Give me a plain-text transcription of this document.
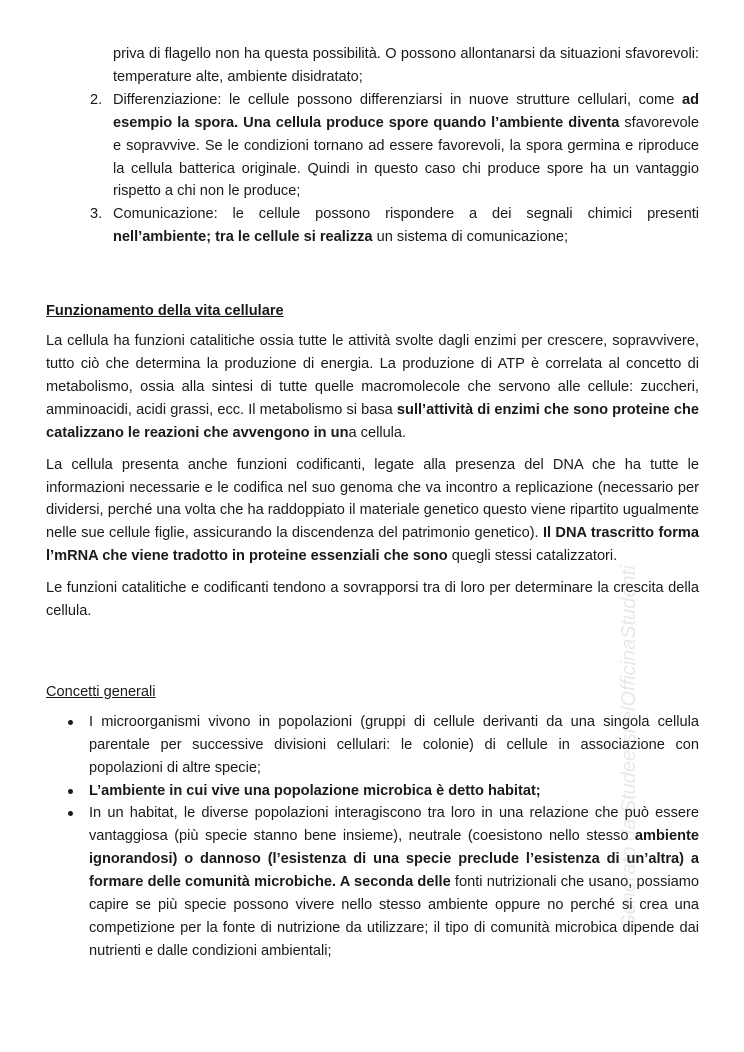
priva di flagello non ha questa possibilità. O possono allontanarsi da situazioni sfavorevoli: temperature alte, ambiente disidratato;

2. Differenziazione: le cellule possono differenziarsi in nuove strutture cellulari, come ad esempio la spora. Una cellula produce spore quando l’ambiente diventa sfavorevole e sopravvive. Se le condizioni tornano ad essere favorevoli, la spora germina e riproduce la cellula batterica originale. Quindi in questo caso chi produce spore ha un vantaggio rispetto a chi non le produce;
3. Comunicazione: le cellule possono rispondere a dei segnali chimici presenti nell’ambiente; tra le cellule si realizza un sistema di comunicazione;

Funzionamento della vita cellulare

La cellula ha funzioni catalitiche ossia tutte le attività svolte dagli enzimi per crescere, sopravvivere, tutto ciò che determina la produzione di energia. La produzione di ATP è correlata al concetto di metabolismo, ossia alla sintesi di tutte quelle macromolecole che servono alle cellule: zuccheri, amminoacidi, acidi grassi, ecc. Il metabolismo si basa sull’attività di enzimi che sono proteine che catalizzano le reazioni che avvengono in una cellula.

La cellula presenta anche funzioni codificanti, legate alla presenza del DNA che ha tutte le informazioni necessarie e le codifica nel suo genoma che va incontro a replicazione (necessario per dividersi, perché una volta che ha raddoppiato il materiale genetico questo viene ripartito ugualmente nelle sue cellule figlie, assicurando la discendenza del patrimonio genetico). Il DNA trascritto forma l’mRNA che viene tradotto in proteine essenziali che sono quegli stessi catalizzatori.

Le funzioni catalitiche e codificanti tendono a sovrapporsi tra di loro per determinare la crescita della cellula.

Concetti generali

I microorganismi vivono in popolazioni (gruppi di cellule derivanti da una singola cellula parentale per successive divisioni cellulari: le colonie) di cellule in associazione con popolazioni di altre specie;
L’ambiente in cui vive una popolazione microbica è detto habitat;
In un habitat, le diverse popolazioni interagiscono tra loro in una relazione che può essere vantaggiosa (più specie stanno bene insieme), neutrale (coesistono nello stesso ambiente ignorandosi) o dannoso (l’esistenza di una specie preclude l’esistenza di un’altra) a formare delle comunità microbiche. A seconda delle fonti nutrizionali che usano, possiamo capire se più specie possono vivere nello stesso ambiente oppure no perché si crea una competizione per la fonte di nutrizione da utilizzare; il tipo di comunità microbica dipende dai nutrienti e dalle condizioni ambientali;
Generato da StudeersnelOfficinaStudenti
